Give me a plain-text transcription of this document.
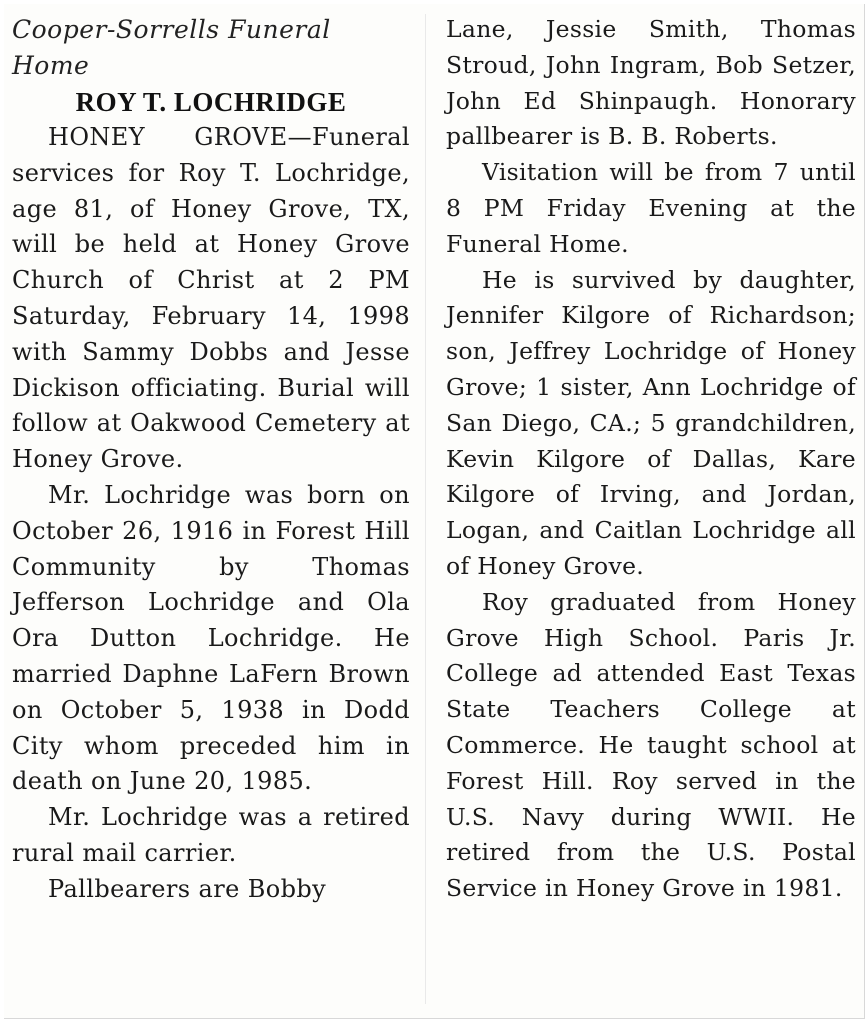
Cooper-Sorrells Funeral
Home
ROY T. LOCHRIDGE

HONEY GROVE—Funeral services for Roy T. Lochridge, age 81, of Honey Grove, TX, will be held at Honey Grove Church of Christ at 2 PM Saturday, February 14, 1998 with Sammy Dobbs and Jesse Dickison officiating. Burial will follow at Oakwood Cemetery at Honey Grove.

Mr. Lochridge was born on October 26, 1916 in Forest Hill Community by Thomas Jefferson Lochridge and Ola Ora Dutton Lochridge. He married Daphne LaFern Brown on October 5, 1938 in Dodd City whom preceded him in death on June 20, 1985.

Mr. Lochridge was a retired rural mail carrier.

Pallbearers are Bobby

Lane, Jessie Smith, Thomas Stroud, John Ingram, Bob Setzer, John Ed Shinpaugh. Honorary pallbearer is B. B. Roberts.

Visitation will be from 7 until 8 PM Friday Evening at the Funeral Home.

He is survived by daughter, Jennifer Kilgore of Richardson; son, Jeffrey Lochridge of Honey Grove; 1 sister, Ann Lochridge of San Diego, CA.; 5 grandchildren, Kevin Kilgore of Dallas, Kare Kilgore of Irving, and Jordan, Logan, and Caitlan Lochridge all of Honey Grove.

Roy graduated from Honey Grove High School. Paris Jr. College ad attended East Texas State Teachers College at Commerce. He taught school at Forest Hill. Roy served in the U.S. Navy during WWII. He retired from the U.S. Postal Service in Honey Grove in 1981.
